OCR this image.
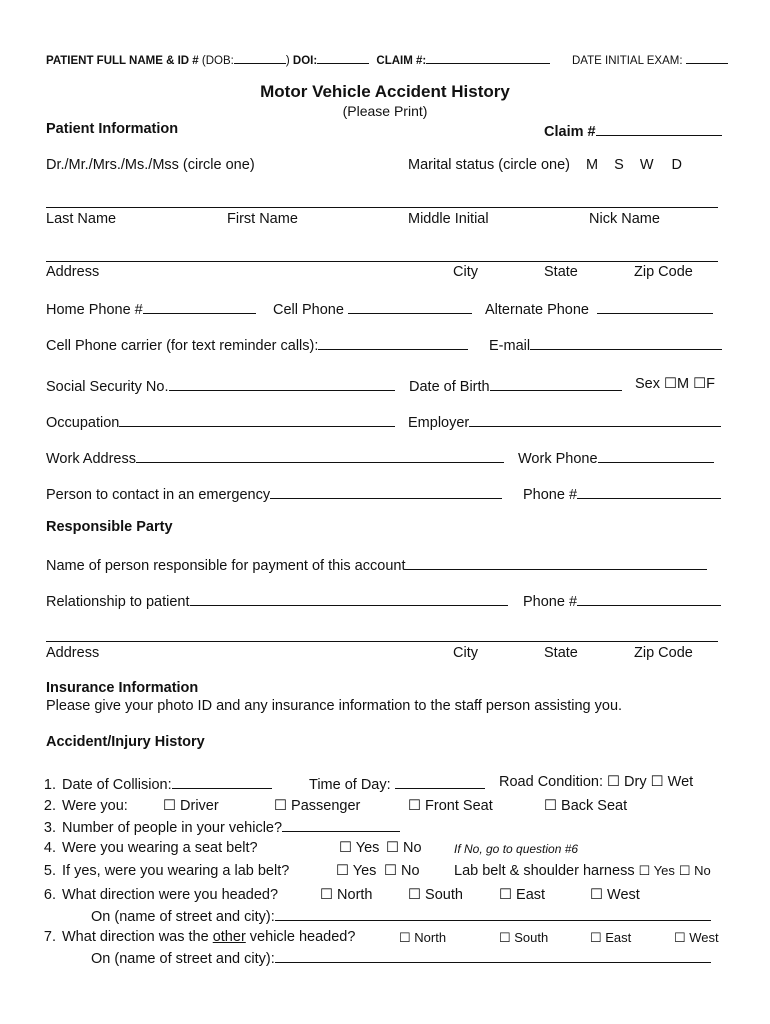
PATIENT FULL NAME & ID # (DOB:	) DOI:	CLAIM #:	DATE INITIAL EXAM:
Motor Vehicle Accident History
(Please Print)
Patient Information	Claim #
Dr./Mr./Mrs./Ms./Mss (circle one)	Marital status (circle one) M S W D
Last Name	First Name	Middle Initial	Nick Name
Address	City	State	Zip Code
Home Phone #	Cell Phone	Alternate Phone
Cell Phone carrier (for text reminder calls):	E-mail
Social Security No.	Date of Birth	Sex ☐M ☐F
Occupation	Employer
Work Address	Work Phone
Person to contact in an emergency	Phone #
Responsible Party
Name of person responsible for payment of this account
Relationship to patient	Phone #
Address	City	State	Zip Code
Insurance Information
Please give your photo ID and any insurance information to the staff person assisting you.
Accident/Injury History
1. Date of Collision:	Time of Day:	Road Condition: ☐ Dry ☐ Wet
2. Were you: ☐ Driver	☐ Passenger	☐ Front Seat	☐ Back Seat
3. Number of people in your vehicle?
4. Were you wearing a seat belt?	☐ Yes ☐ No	If No, go to question #6
5. If yes, were you wearing a lab belt?	☐ Yes ☐ No Lab belt & shoulder harness ☐ Yes ☐ No
6. What direction were you headed?	☐ North ☐ South ☐ East	☐ West
On (name of street and city):
7. What direction was the other vehicle headed?	☐ North	☐ South	☐ East	☐ West
On (name of street and city):
